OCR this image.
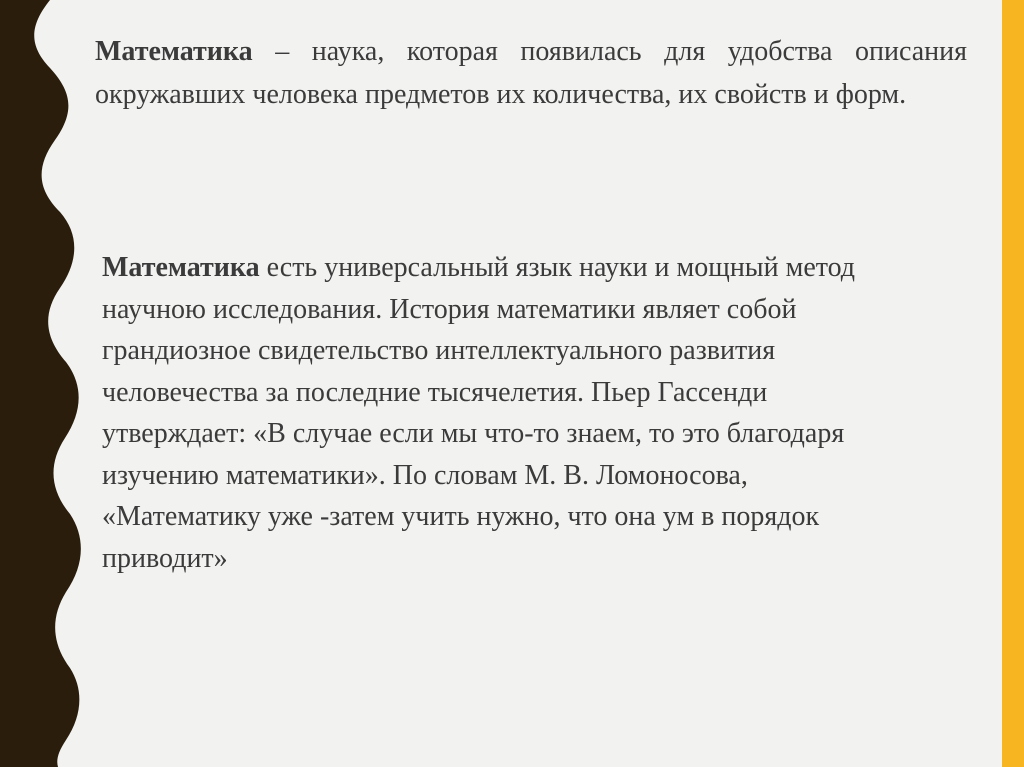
Математика – наука, которая появилась для удобства описания окружавших человека предметов их количества, их свойств и форм.

Математика есть универсальный язык науки и мощный метод научною исследования. История математики являет собой грандиозное свидетельство интеллектуального развития человечества за последние тысячелетия. Пьер Гассенди утверждает: «В случае если мы что-то знаем, то это благодаря изучению математики». По словам М. В. Ломоносова, «Математику уже -затем учить нужно, что она ум в порядок приводит»
